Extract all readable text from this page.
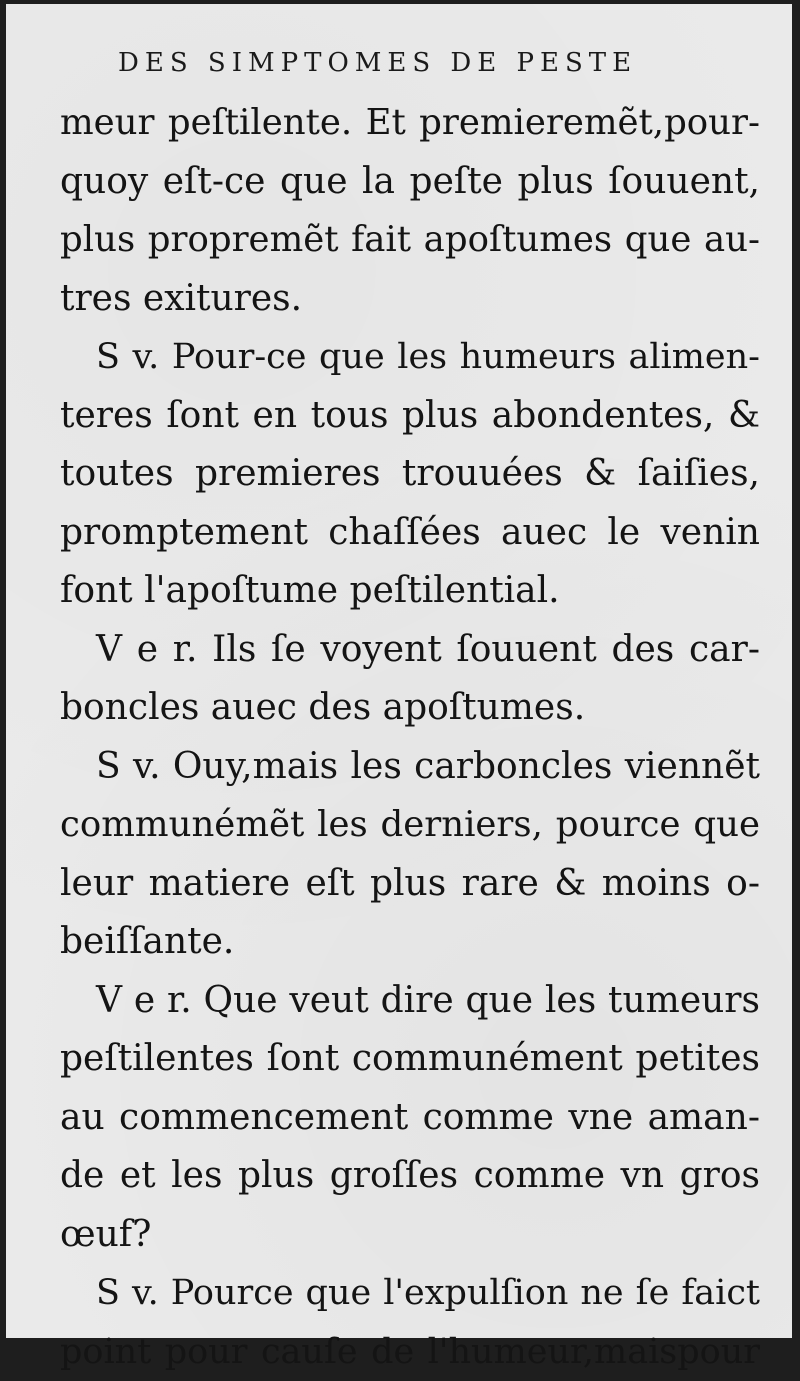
DES SIMPTOMES DE PESTE
meur peſtilente. Et premieremẽt,pour-
quoy eſt-ce que la peſte plus ſouuent,
plus propremẽt fait apoſtumes que au-
tres exitures.
S v. Pour-ce que les humeurs alimen-
teres ſont en tous plus abondentes, &
toutes premieres trouuées & ſaiſies,
promptement chaſſées auec le venin
font l'apoſtume peſtilential.
V e r. Ils ſe voyent ſouuent des car-
boncles auec des apoſtumes.
S v. Ouy,mais les carboncles viennẽt
communémẽt les derniers, pource que
leur matiere eſt plus rare & moins o-
beiſſante.
V e r. Que veut dire que les tumeurs
peſtilentes ſont communément petites
au commencement comme vne aman-
de et les plus groſſes comme vn gros
œuf?
S v. Pource que l'expulſion ne ſe faict
point pour cauſe de l'humeur,maispour
